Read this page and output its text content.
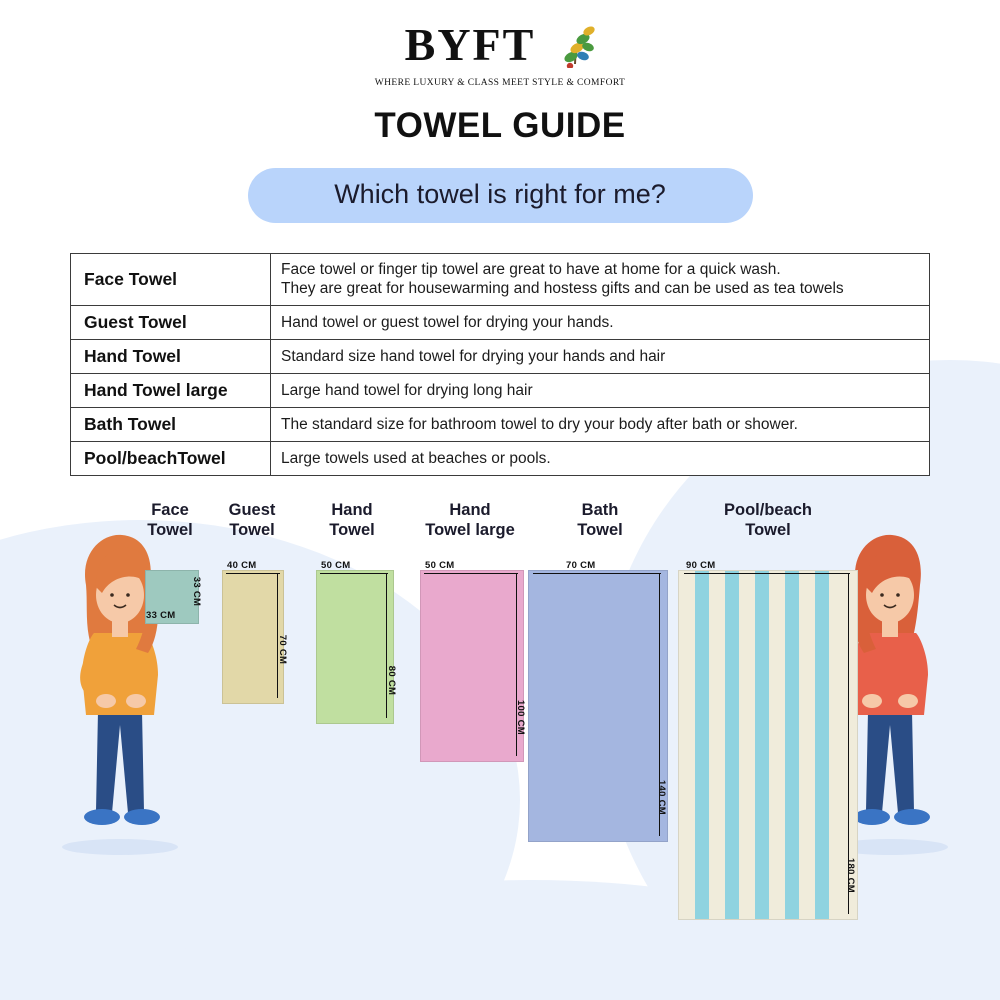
BYFT
WHERE LUXURY & CLASS MEET STYLE & COMFORT
TOWEL GUIDE
Which towel is right for me?
Face Towel	Face towel or finger tip towel are great to have at home for a quick wash.
They are great for housewarming and hostess gifts and can be used as tea towels
Guest Towel	Hand towel or guest towel for drying your hands.
Hand Towel	Standard size hand towel for drying your hands and hair
Hand Towel large	Large hand towel for drying long hair
Bath Towel	The standard size for bathroom towel to dry your body after bath or shower.
Pool/beachTowel	Large towels used at beaches or pools.
Face
Towel
Guest
Towel
Hand
Towel
Hand
Towel large
Bath
Towel
Pool/beach
Towel
33 CM
33 CM
40 CM
70 CM
50 CM
80 CM
50 CM
100 CM
70 CM
140 CM
90 CM
180 CM
